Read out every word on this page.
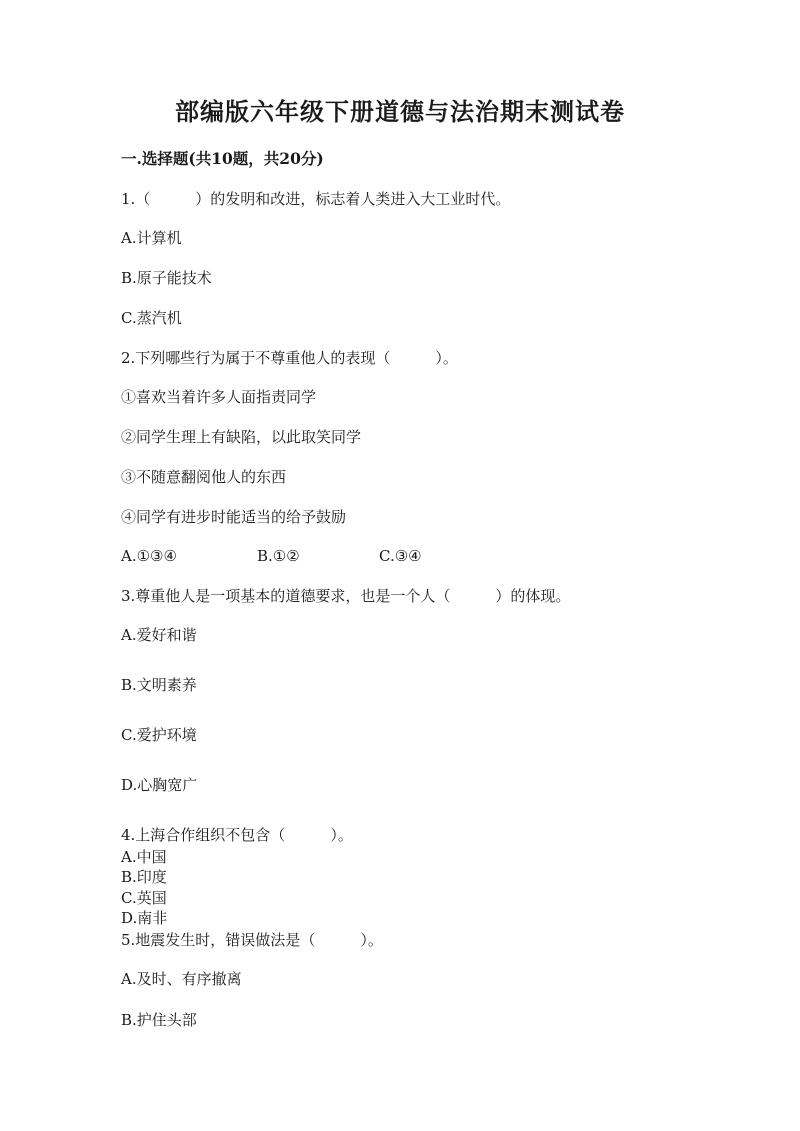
部编版六年级下册道德与法治期末测试卷
一.选择题(共10题，共20分)
1.（　　　）的发明和改进，标志着人类进入大工业时代。
A.计算机
B.原子能技术
C.蒸汽机
2.下列哪些行为属于不尊重他人的表现（　　　）。
①喜欢当着许多人面指责同学
②同学生理上有缺陷，以此取笑同学
③不随意翻阅他人的东西
④同学有进步时能适当的给予鼓励
A.①③④	B.①②	C.③④
3.尊重他人是一项基本的道德要求，也是一个人（　　　）的体现。
A.爱好和谐
B.文明素养
C.爱护环境
D.心胸宽广
4.上海合作组织不包含（　　　）。
A.中国
B.印度
C.英国
D.南非
5.地震发生时，错误做法是（　　　）。
A.及时、有序撤离
B.护住头部
